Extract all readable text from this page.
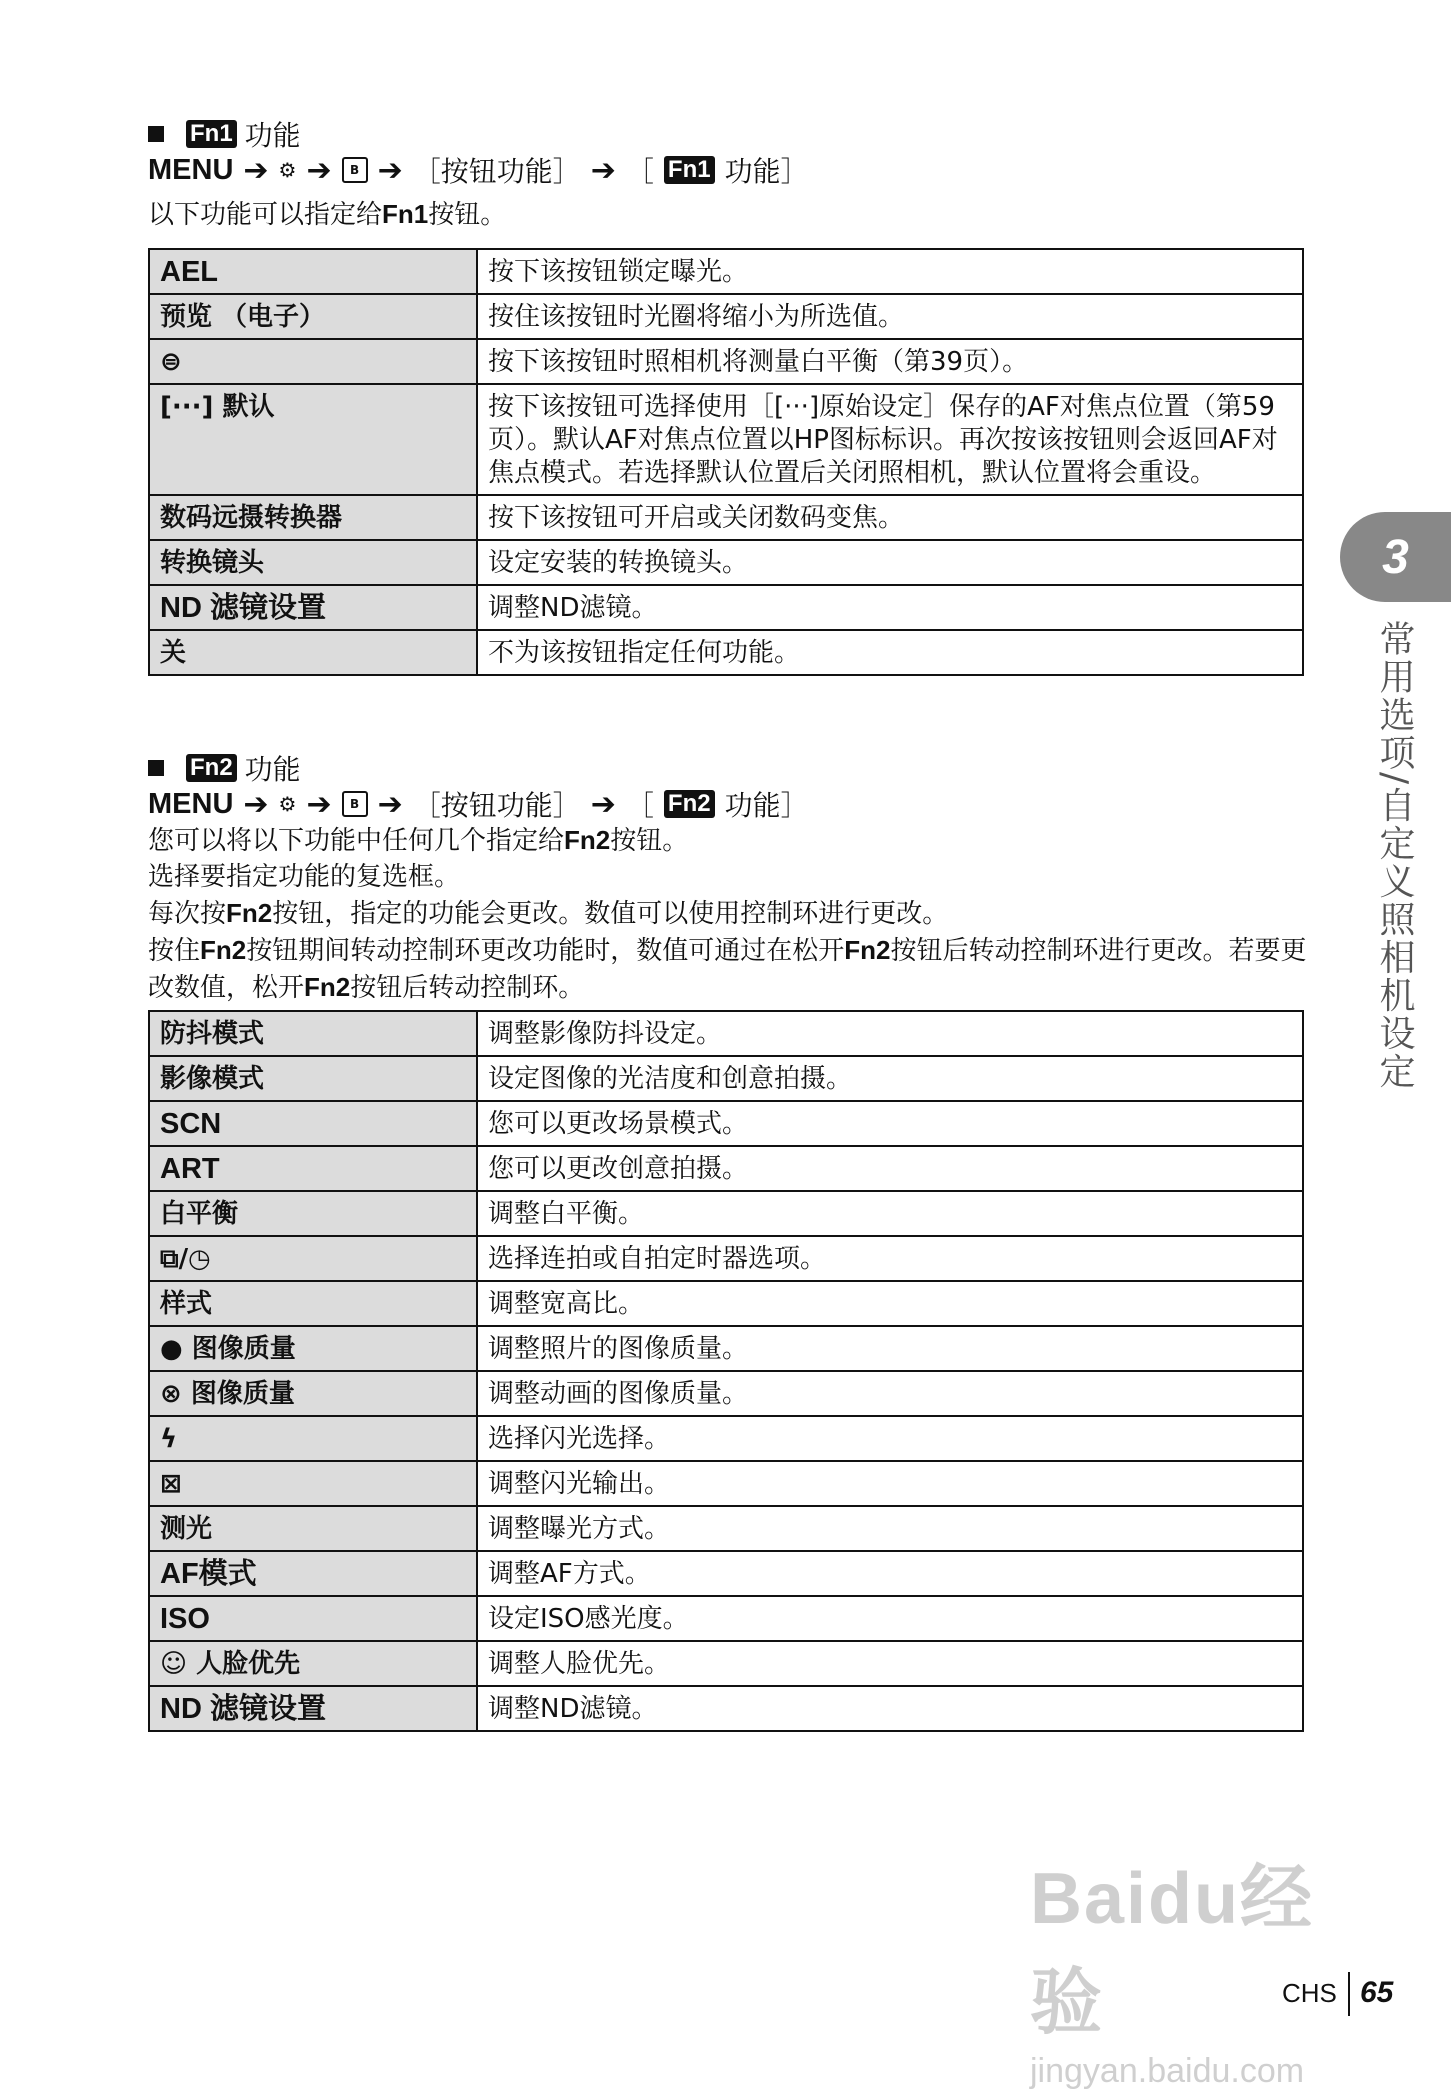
Fn1 功能
MENU ➔ ⚙ ➔	B ➔ ［按钮功能］ ➔ ［ Fn1 功能］
以下功能可以指定给Fn1按钮。
AEL	按下该按钮锁定曝光。
预览 （电子）	按住该按钮时光圈将缩小为所选值。
⊜	按下该按钮时照相机将测量白平衡（第39页）。
[···] 默认	按下该按钮可选择使用［[···]原始设定］保存的AF对焦点位置（第59页）。默认AF对焦点位置以HP图标标识。再次按该按钮则会返回AF对焦点模式。若选择默认位置后关闭照相机，默认位置将会重设。
数码远摄转换器	按下该按钮可开启或关闭数码变焦。
转换镜头	设定安装的转换镜头。
ND 滤镜设置	调整ND滤镜。
关	不为该按钮指定任何功能。
Fn2 功能
MENU ➔ ⚙ ➔	B ➔ ［按钮功能］ ➔ ［ Fn2 功能］
您可以将以下功能中任何几个指定给Fn2按钮。
选择要指定功能的复选框。
每次按Fn2按钮，指定的功能会更改。数值可以使用控制环进行更改。
按住Fn2按钮期间转动控制环更改功能时，数值可通过在松开Fn2按钮后转动控制环进行更改。若要更改数值，松开Fn2按钮后转动控制环。
防抖模式	调整影像防抖设定。
影像模式	设定图像的光洁度和创意拍摄。
SCN	您可以更改场景模式。
ART	您可以更改创意拍摄。
白平衡	调整白平衡。
⧉/◷	选择连拍或自拍定时器选项。
样式	调整宽高比。
● 图像质量	调整照片的图像质量。
⊗ 图像质量	调整动画的图像质量。
ϟ	选择闪光选择。
⊠	调整闪光输出。
测光	调整曝光方式。
AF模式	调整AF方式。
ISO	设定ISO感光度。
☺ 人脸优先	调整人脸优先。
ND 滤镜设置	调整ND滤镜。
3
常用选项/自定义照相机设定
Baidu经验
jingyan.baidu.com
CHS 65
